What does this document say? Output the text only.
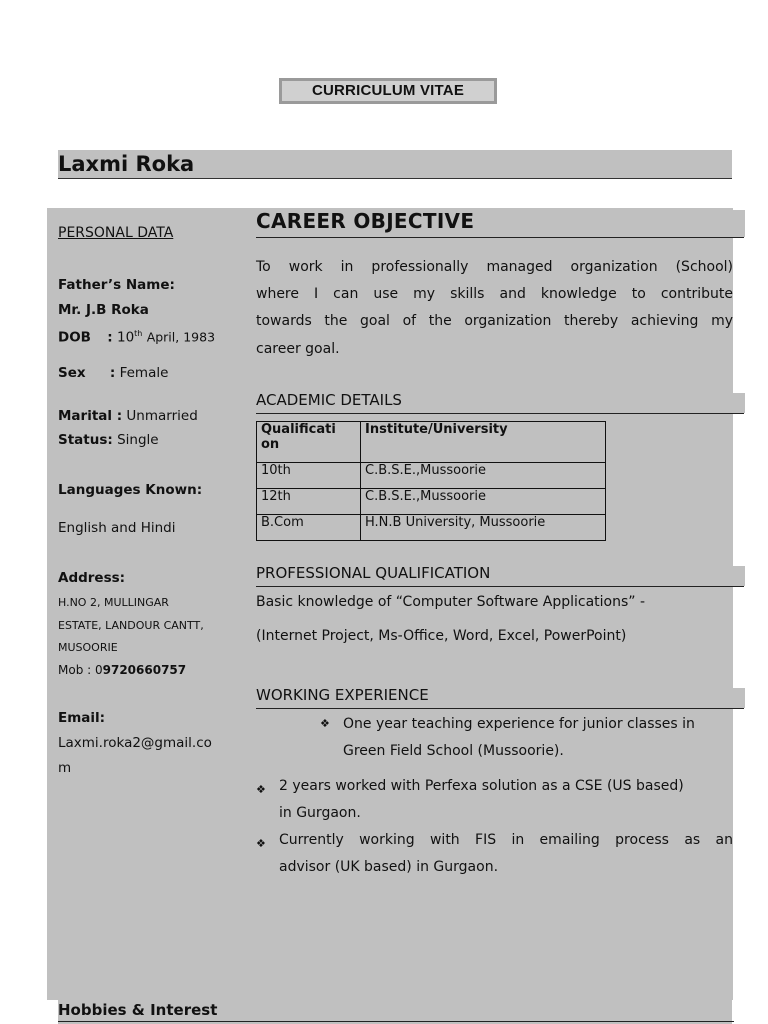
CURRICULUM VITAE
Laxmi Roka
PERSONAL DATA
Father’s Name:
Mr. J.B Roka
DOB : 10th April, 1983
Sex : Female
Marital : Unmarried
Status: Single
Languages Known:
English and Hindi
Address:
H.NO 2, MULLINGAR
ESTATE, LANDOUR CANTT,
MUSOORIE
Mob : 09720660757
Email:
Laxmi.roka2@gmail.co
m
Hobbies & Interest
CAREER OBJECTIVE
To work in professionally managed organization (School)
where I can use my skills and knowledge to contribute
towards the goal of the organization thereby achieving my
career goal.
ACADEMIC DETAILS
Qualificati
on	Institute/University
10th	C.B.S.E.,Mussoorie
12th	C.B.S.E.,Mussoorie
B.Com	H.N.B University, Mussoorie
PROFESSIONAL QUALIFICATION
Basic knowledge of “Computer Software Applications” -
(Internet Project, Ms-Office, Word, Excel, PowerPoint)
WORKING EXPERIENCE
❖ One year teaching experience for junior classes in
Green Field School (Mussoorie).
❖ 2 years worked with Perfexa solution as a CSE (US based)
in Gurgaon.
❖ Currently working with FIS in emailing process as an
advisor (UK based) in Gurgaon.
